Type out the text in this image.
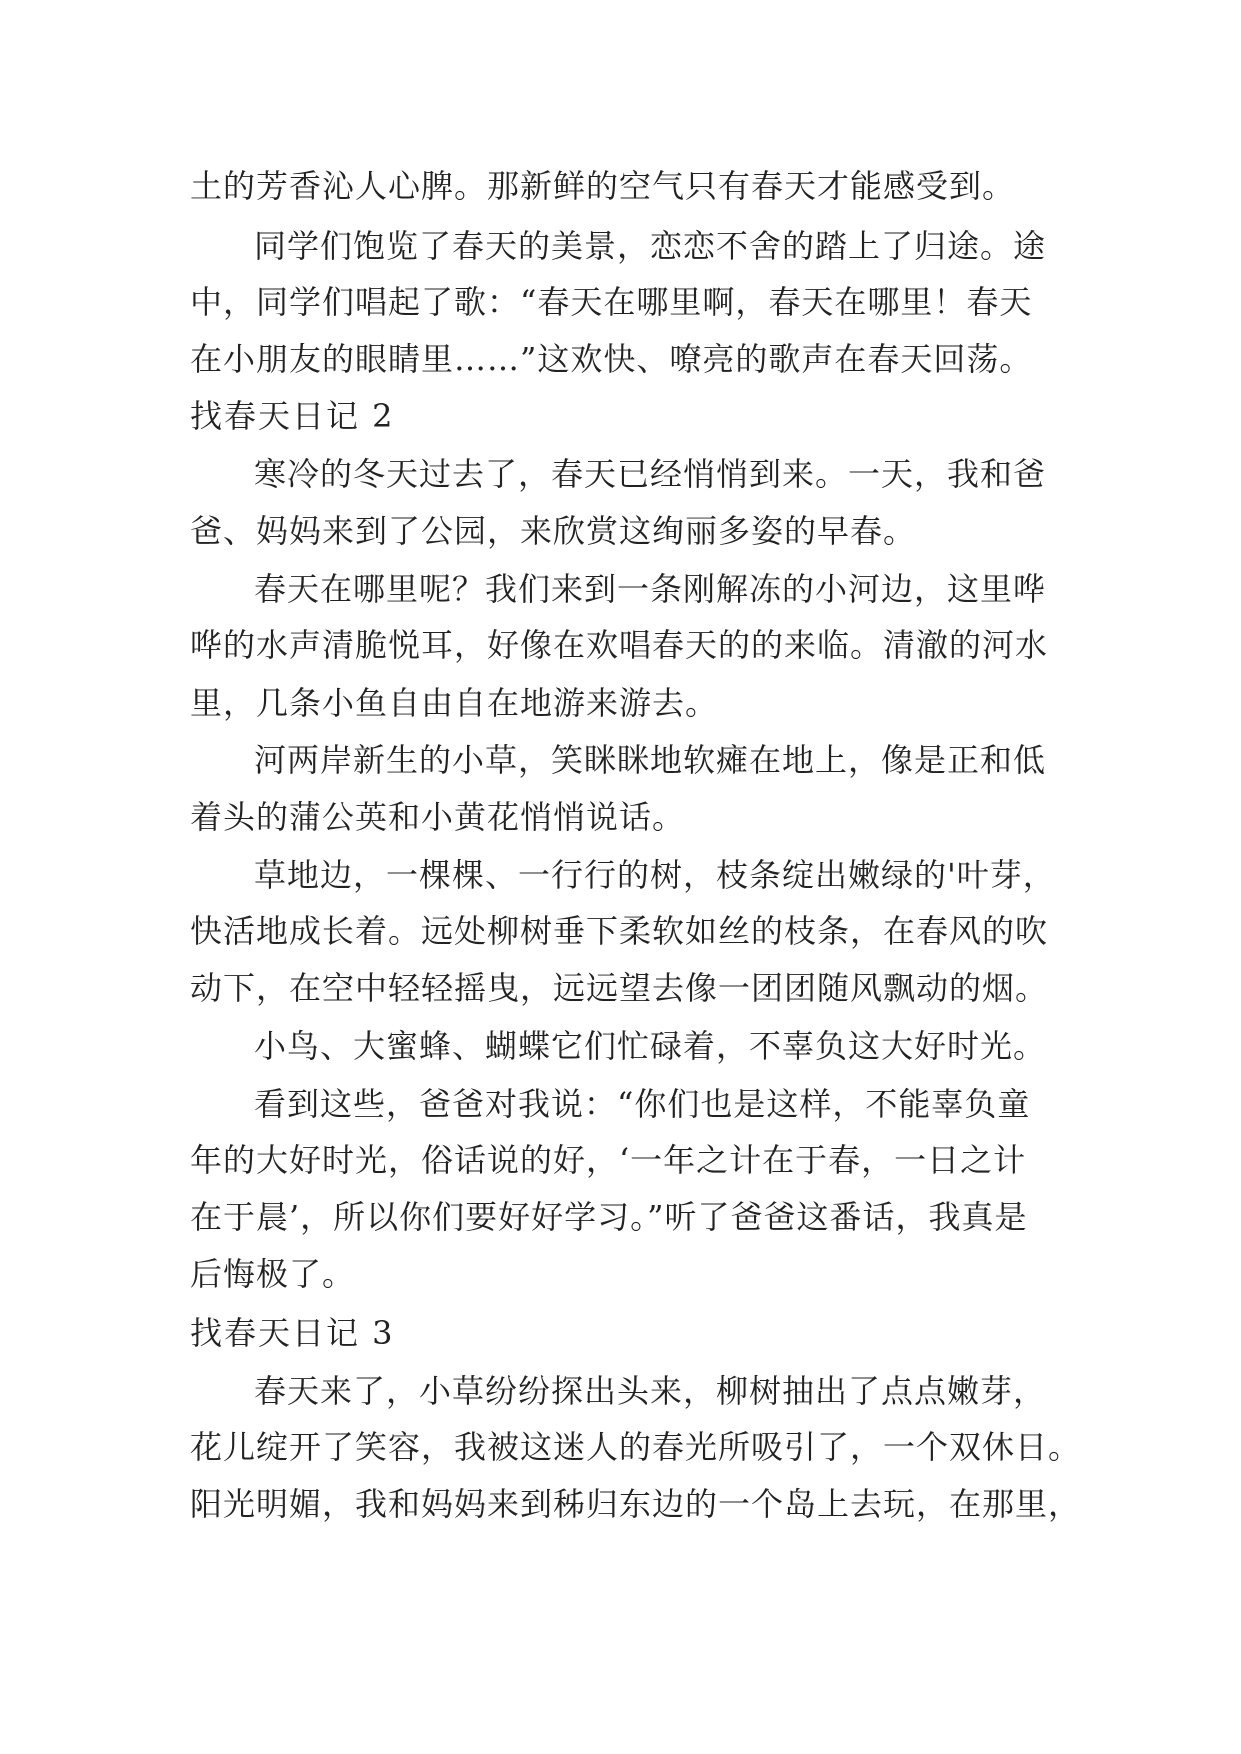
土的芳香沁人心脾。那新鲜的空气只有春天才能感受到。
同学们饱览了春天的美景，恋恋不舍的踏上了归途。途
中，同学们唱起了歌：“春天在哪里啊，春天在哪里！春天
在小朋友的眼睛里……”这欢快、嘹亮的歌声在春天回荡。
找春天日记 2
寒冷的冬天过去了，春天已经悄悄到来。一天，我和爸
爸、妈妈来到了公园，来欣赏这绚丽多姿的早春。
春天在哪里呢？我们来到一条刚解冻的小河边，这里哗
哗的水声清脆悦耳，好像在欢唱春天的的来临。清澈的河水
里，几条小鱼自由自在地游来游去。
河两岸新生的小草，笑眯眯地软瘫在地上，像是正和低
着头的蒲公英和小黄花悄悄说话。
草地边，一棵棵、一行行的树，枝条绽出嫩绿的'叶芽，
快活地成长着。远处柳树垂下柔软如丝的枝条，在春风的吹
动下，在空中轻轻摇曳，远远望去像一团团随风飘动的烟。
小鸟、大蜜蜂、蝴蝶它们忙碌着，不辜负这大好时光。
看到这些，爸爸对我说：“你们也是这样，不能辜负童
年的大好时光，俗话说的好，‘一年之计在于春，一日之计
在于晨’，所以你们要好好学习。”听了爸爸这番话，我真是
后悔极了。
找春天日记 3
春天来了，小草纷纷探出头来，柳树抽出了点点嫩芽，
花儿绽开了笑容，我被这迷人的春光所吸引了，一个双休日。
阳光明媚，我和妈妈来到秭归东边的一个岛上去玩，在那里，
